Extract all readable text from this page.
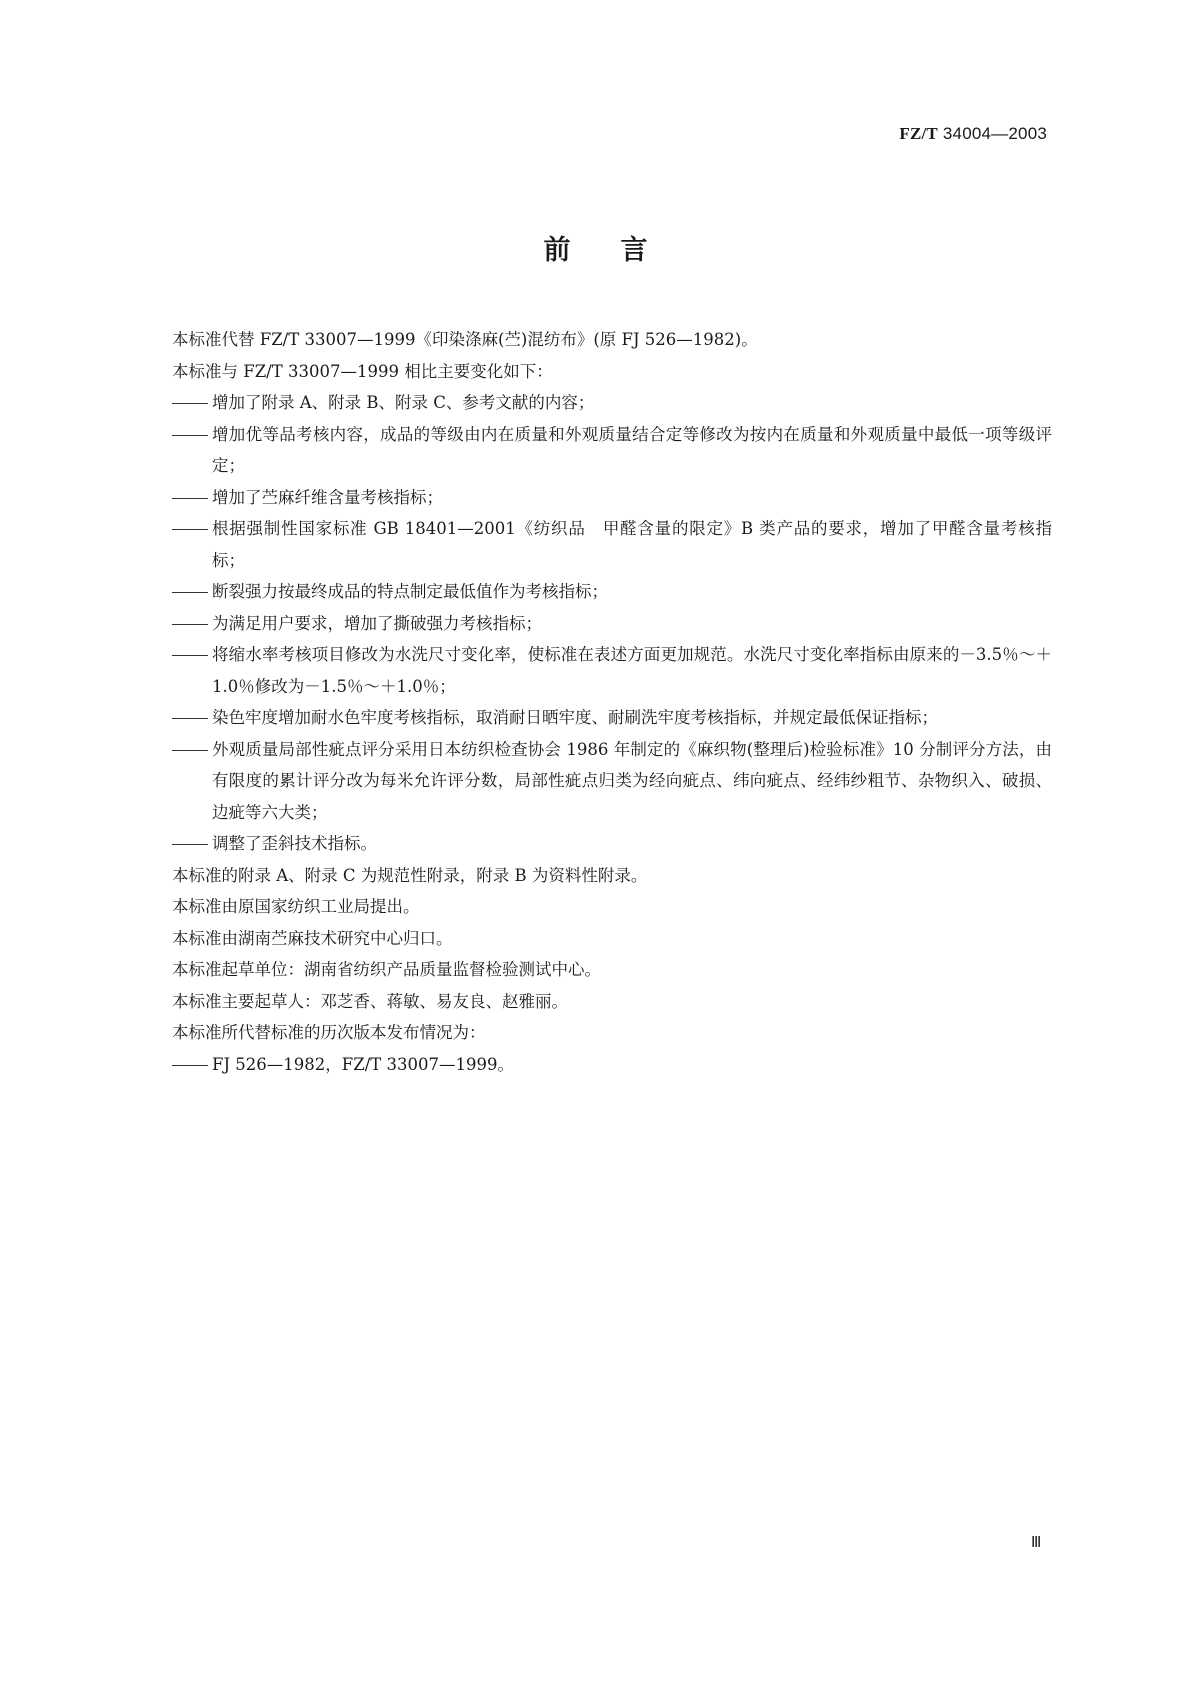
FZ/T 34004—2003
前言
本标准代替 FZ/T 33007—1999《印染涤麻(苎)混纺布》(原 FJ 526—1982)。
本标准与 FZ/T 33007—1999 相比主要变化如下：
增加了附录 A、附录 B、附录 C、参考文献的内容；
增加优等品考核内容，成品的等级由内在质量和外观质量结合定等修改为按内在质量和外观质量中最低一项等级评定；
增加了苎麻纤维含量考核指标；
根据强制性国家标准 GB 18401—2001《纺织品　甲醛含量的限定》B 类产品的要求，增加了甲醛含量考核指标；
断裂强力按最终成品的特点制定最低值作为考核指标；
为满足用户要求，增加了撕破强力考核指标；
将缩水率考核项目修改为水洗尺寸变化率，使标准在表述方面更加规范。水洗尺寸变化率指标由原来的－3.5％～＋1.0％修改为－1.5％～＋1.0％；
染色牢度增加耐水色牢度考核指标，取消耐日晒牢度、耐刷洗牢度考核指标，并规定最低保证指标；
外观质量局部性疵点评分采用日本纺织检查协会 1986 年制定的《麻织物(整理后)检验标准》10 分制评分方法，由有限度的累计评分改为每米允许评分数，局部性疵点归类为经向疵点、纬向疵点、经纬纱粗节、杂物织入、破损、边疵等六大类；
调整了歪斜技术指标。
本标准的附录 A、附录 C 为规范性附录，附录 B 为资料性附录。
本标准由原国家纺织工业局提出。
本标准由湖南苎麻技术研究中心归口。
本标准起草单位：湖南省纺织产品质量监督检验测试中心。
本标准主要起草人：邓芝香、蒋敏、易友良、赵雅丽。
本标准所代替标准的历次版本发布情况为：
FJ 526—1982，FZ/T 33007—1999。
Ⅲ
